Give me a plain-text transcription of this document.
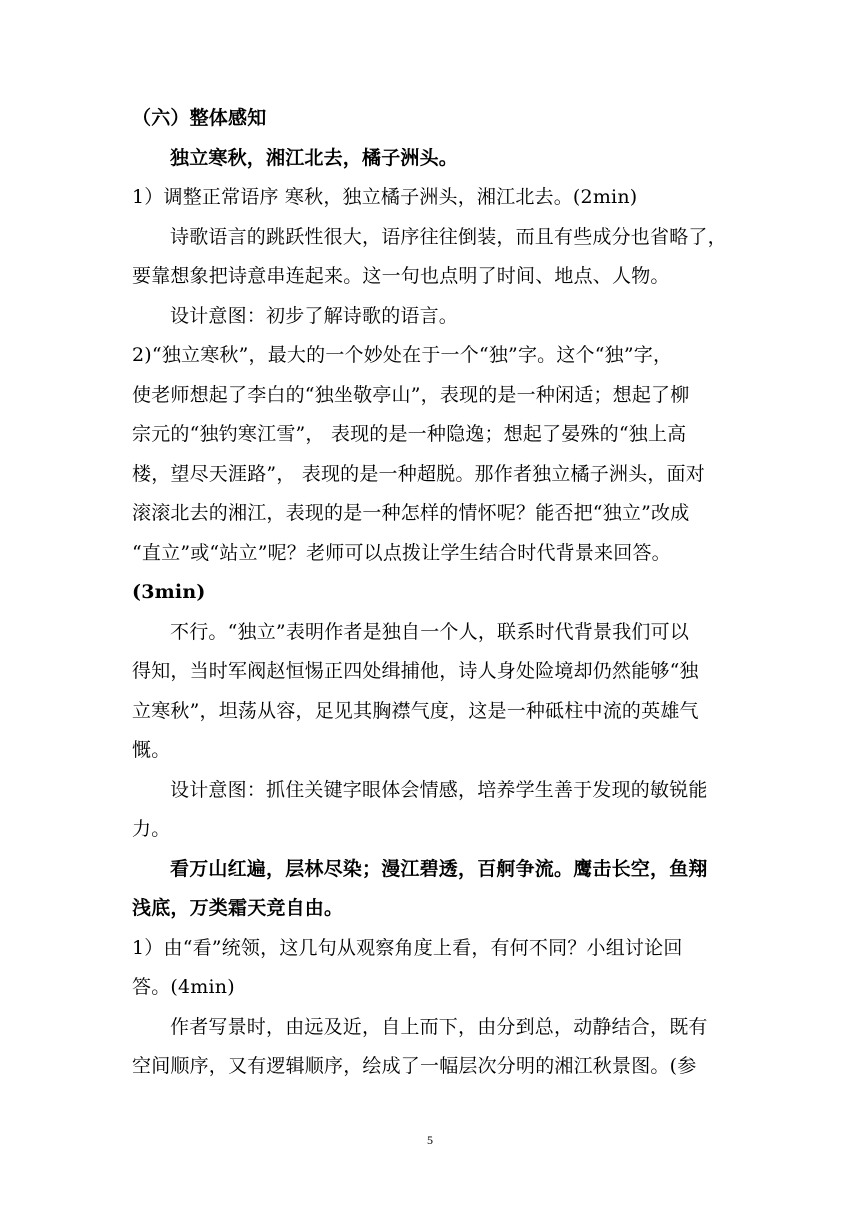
（六）整体感知
独立寒秋，湘江北去，橘子洲头。
1）调整正常语序 寒秋，独立橘子洲头，湘江北去。(2min)
诗歌语言的跳跃性很大，语序往往倒装，而且有些成分也省略了，
要靠想象把诗意串连起来。这一句也点明了时间、地点、人物。
设计意图：初步了解诗歌的语言。
2)“独立寒秋”，最大的一个妙处在于一个“独”字。这个“独”字，
使老师想起了李白的“独坐敬亭山”，表现的是一种闲适；想起了柳
宗元的“独钓寒江雪”， 表现的是一种隐逸；想起了晏殊的“独上高
楼，望尽天涯路”， 表现的是一种超脱。那作者独立橘子洲头，面对
滚滚北去的湘江，表现的是一种怎样的情怀呢？能否把“独立”改成
“直立”或“站立”呢？老师可以点拨让学生结合时代背景来回答。
(3min)
不行。“独立”表明作者是独自一个人，联系时代背景我们可以
得知，当时军阀赵恒惕正四处缉捕他，诗人身处险境却仍然能够“独
立寒秋”，坦荡从容，足见其胸襟气度，这是一种砥柱中流的英雄气
慨。
设计意图：抓住关键字眼体会情感，培养学生善于发现的敏锐能
力。
看万山红遍，层林尽染；漫江碧透，百舸争流。鹰击长空，鱼翔
浅底，万类霜天竞自由。
1）由“看”统领，这几句从观察角度上看，有何不同？小组讨论回
答。(4min)
作者写景时，由远及近，自上而下，由分到总，动静结合，既有
空间顺序，又有逻辑顺序，绘成了一幅层次分明的湘江秋景图。(参
5
